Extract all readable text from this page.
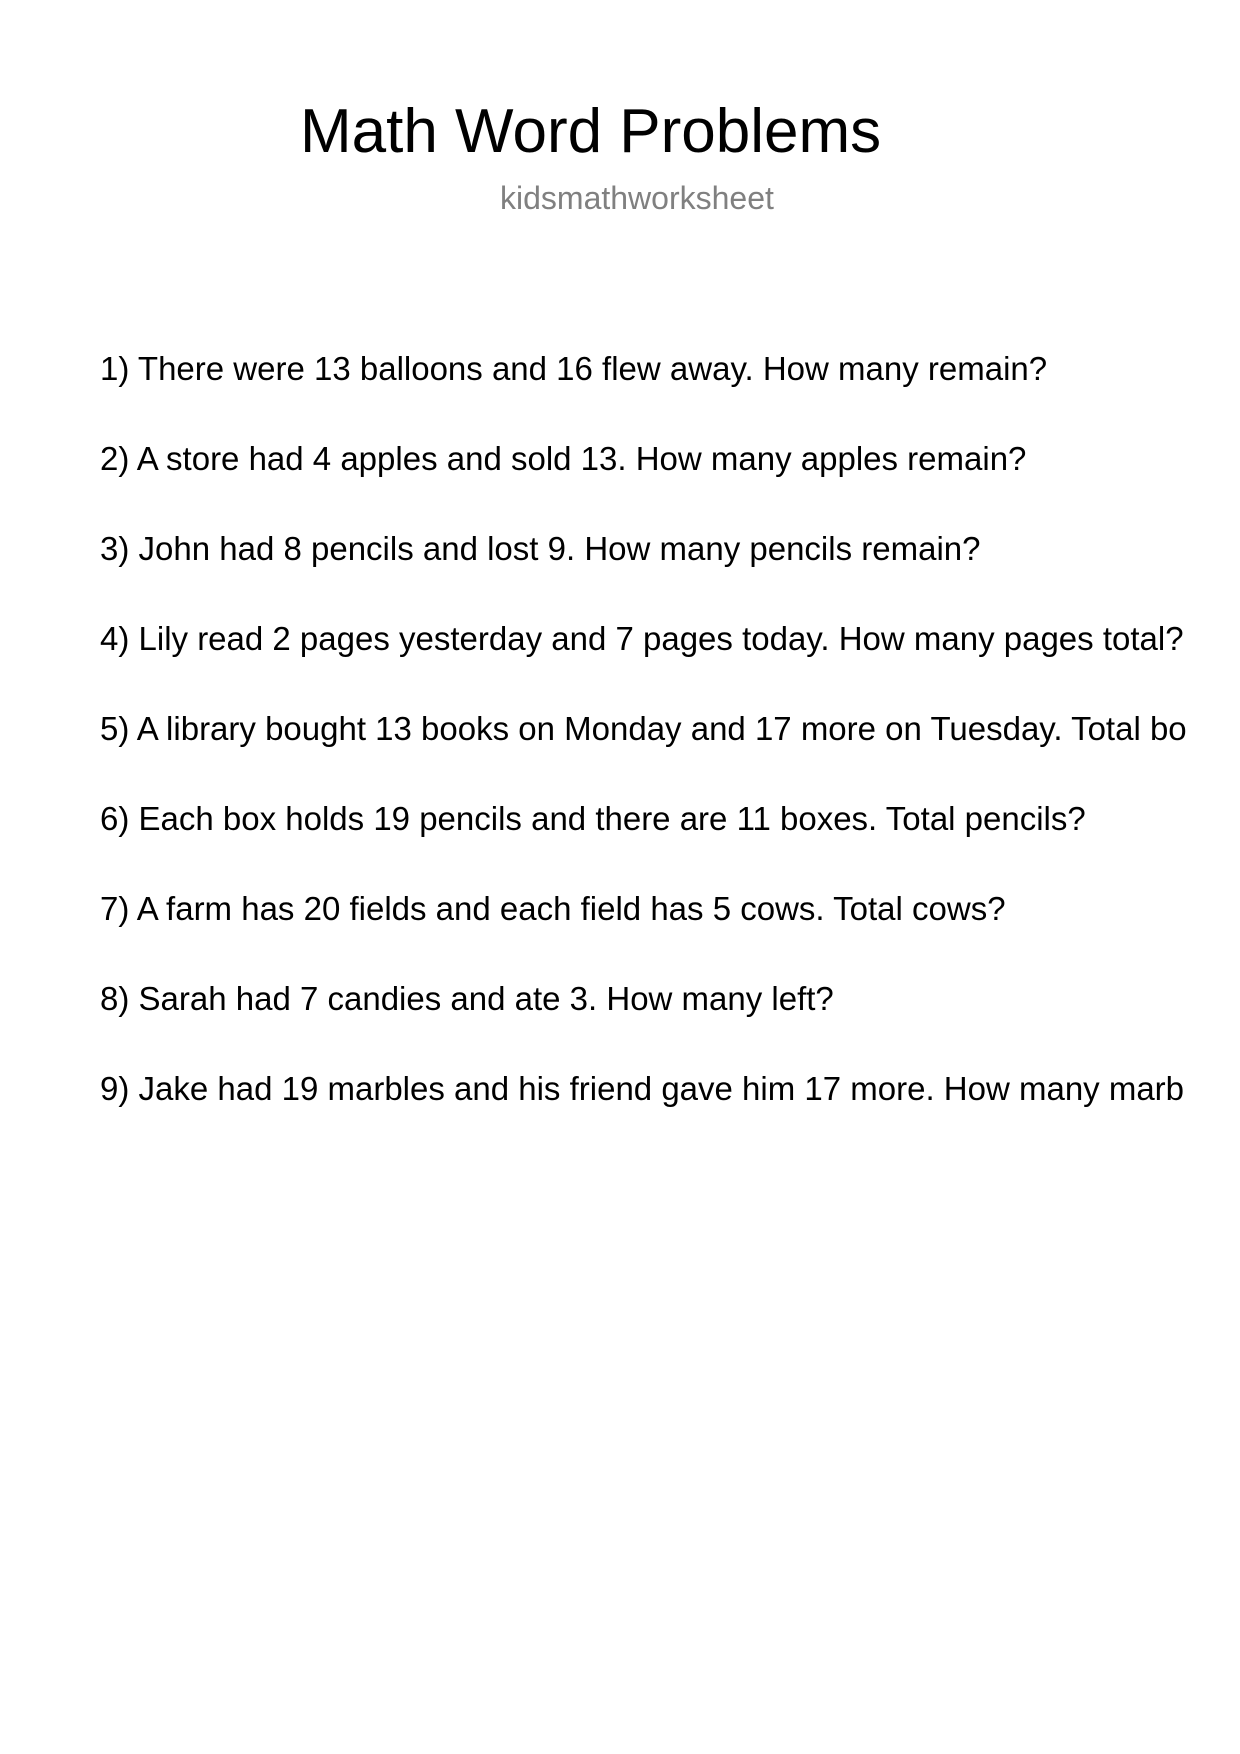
Math Word Problems
kidsmathworksheet
1) There were 13 balloons and 16 flew away. How many remain?
2) A store had 4 apples and sold 13. How many apples remain?
3) John had 8 pencils and lost 9. How many pencils remain?
4) Lily read 2 pages yesterday and 7 pages today. How many pages total?
5) A library bought 13 books on Monday and 17 more on Tuesday. Total bo
6) Each box holds 19 pencils and there are 11 boxes. Total pencils?
7) A farm has 20 fields and each field has 5 cows. Total cows?
8) Sarah had 7 candies and ate 3. How many left?
9) Jake had 19 marbles and his friend gave him 17 more. How many marb
